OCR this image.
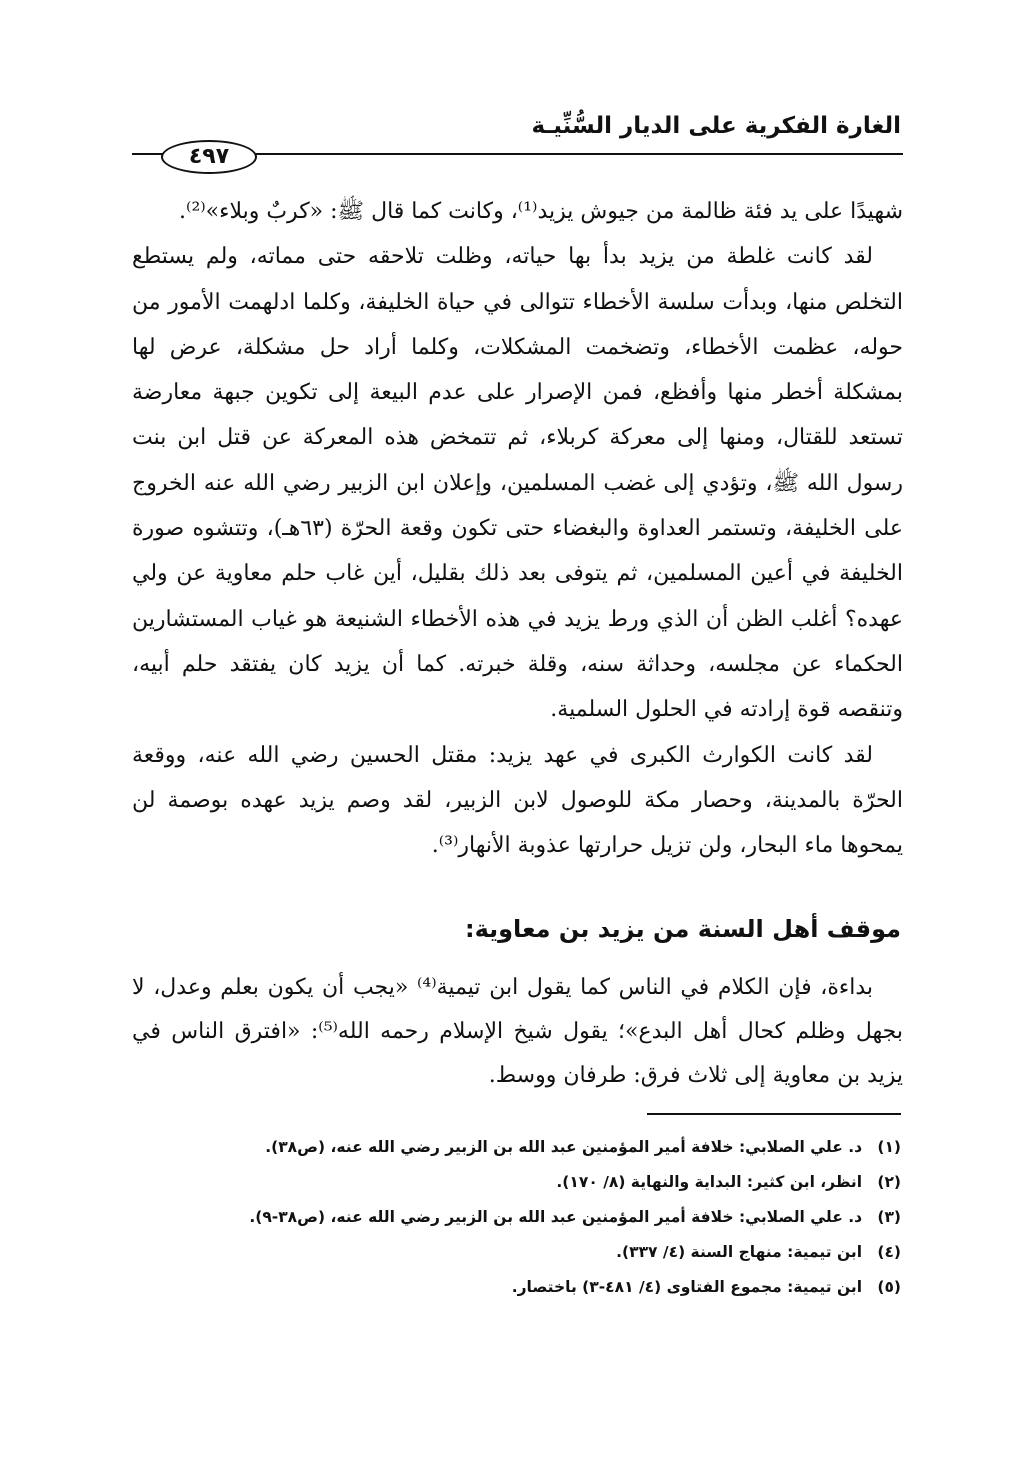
الغارة الفكرية على الديار السُّنِّيـة
٤٩٧

شهيدًا على يد فئة ظالمة من جيوش يزيد⁽¹⁾، وكانت كما قال ﷺ: «كربٌ وبلاء»⁽²⁾.

لقد كانت غلطة من يزيد بدأ بها حياته، وظلت تلاحقه حتى مماته، ولم يستطع التخلص منها، وبدأت سلسة الأخطاء تتوالى في حياة الخليفة، وكلما ادلهمت الأمور من حوله، عظمت الأخطاء، وتضخمت المشكلات، وكلما أراد حل مشكلة، عرض لها بمشكلة أخطر منها وأفظع، فمن الإصرار على عدم البيعة إلى تكوين جبهة معارضة تستعد للقتال، ومنها إلى معركة كربلاء، ثم تتمخض هذه المعركة عن قتل ابن بنت رسول الله ﷺ، وتؤدي إلى غضب المسلمين، وإعلان ابن الزبير رضي الله عنه الخروج على الخليفة، وتستمر العداوة والبغضاء حتى تكون وقعة الحرّة (٦٣هـ)، وتتشوه صورة الخليفة في أعين المسلمين، ثم يتوفى بعد ذلك بقليل، أين غاب حلم معاوية عن ولي عهده؟ أغلب الظن أن الذي ورط يزيد في هذه الأخطاء الشنيعة هو غياب المستشارين الحكماء عن مجلسه، وحداثة سنه، وقلة خبرته. كما أن يزيد كان يفتقد حلم أبيه، وتنقصه قوة إرادته في الحلول السلمية.

لقد كانت الكوارث الكبرى في عهد يزيد: مقتل الحسين رضي الله عنه، ووقعة الحرّة بالمدينة، وحصار مكة للوصول لابن الزبير، لقد وصم يزيد عهده بوصمة لن يمحوها ماء البحار، ولن تزيل حرارتها عذوبة الأنهار⁽³⁾.

موقف أهل السنة من يزيد بن معاوية:

بداءة، فإن الكلام في الناس كما يقول ابن تيمية⁽⁴⁾ «يجب أن يكون بعلم وعدل، لا بجهل وظلم كحال أهل البدع»؛ يقول شيخ الإسلام رحمه الله⁽⁵⁾: «افترق الناس في يزيد بن معاوية إلى ثلاث فرق: طرفان ووسط.

(١) د. علي الصلابي: خلافة أمير المؤمنين عبد الله بن الزبير رضي الله عنه، (ص٣٨).
(٢) انظر، ابن كثير: البداية والنهاية (٨/ ١٧٠).
(٣) د. علي الصلابي: خلافة أمير المؤمنين عبد الله بن الزبير رضي الله عنه، (ص٣٨-٩).
(٤) ابن تيمية: منهاج السنة (٤/ ٣٣٧).
(٥) ابن تيمية: مجموع الفتاوى (٤/ ٤٨١-٣) باختصار.
